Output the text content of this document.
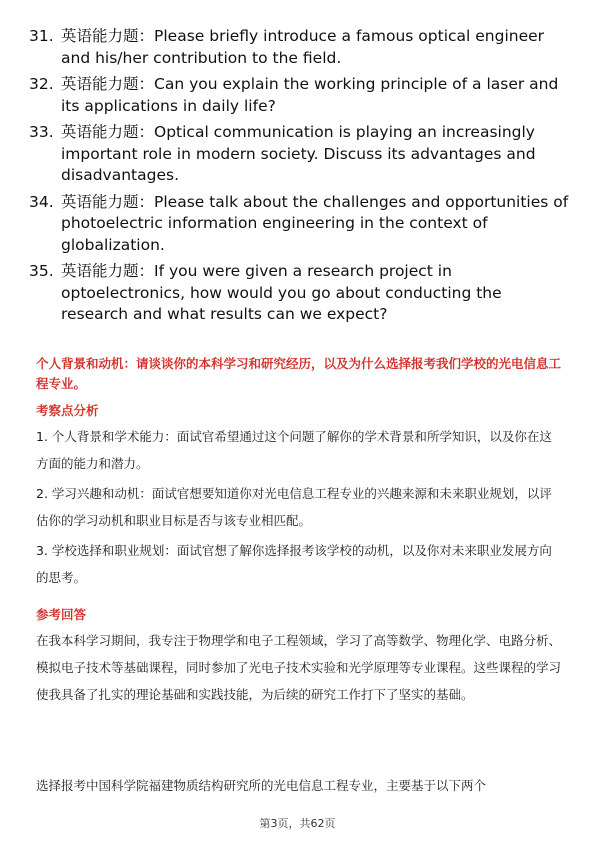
31. 英语能力题：Please briefly introduce a famous optical engineer and his/her contribution to the field.
32. 英语能力题：Can you explain the working principle of a laser and its applications in daily life?
33. 英语能力题：Optical communication is playing an increasingly important role in modern society. Discuss its advantages and disadvantages.
34. 英语能力题：Please talk about the challenges and opportunities of photoelectric information engineering in the context of globalization.
35. 英语能力题：If you were given a research project in optoelectronics, how would you go about conducting the research and what results can we expect?
个人背景和动机：请谈谈你的本科学习和研究经历，以及为什么选择报考我们学校的光电信息工程专业。
考察点分析
1. 个人背景和学术能力：面试官希望通过这个问题了解你的学术背景和所学知识，以及你在这方面的能力和潜力。
2. 学习兴趣和动机：面试官想要知道你对光电信息工程专业的兴趣来源和未来职业规划，以评估你的学习动机和职业目标是否与该专业相匹配。
3. 学校选择和职业规划：面试官想了解你选择报考该学校的动机，以及你对未来职业发展方向的思考。
参考回答
在我本科学习期间，我专注于物理学和电子工程领域，学习了高等数学、物理化学、电路分析、模拟电子技术等基础课程，同时参加了光电子技术实验和光学原理等专业课程。这些课程的学习使我具备了扎实的理论基础和实践技能，为后续的研究工作打下了坚实的基础。
选择报考中国科学院福建物质结构研究所的光电信息工程专业，主要基于以下两个
第3页，共62页
